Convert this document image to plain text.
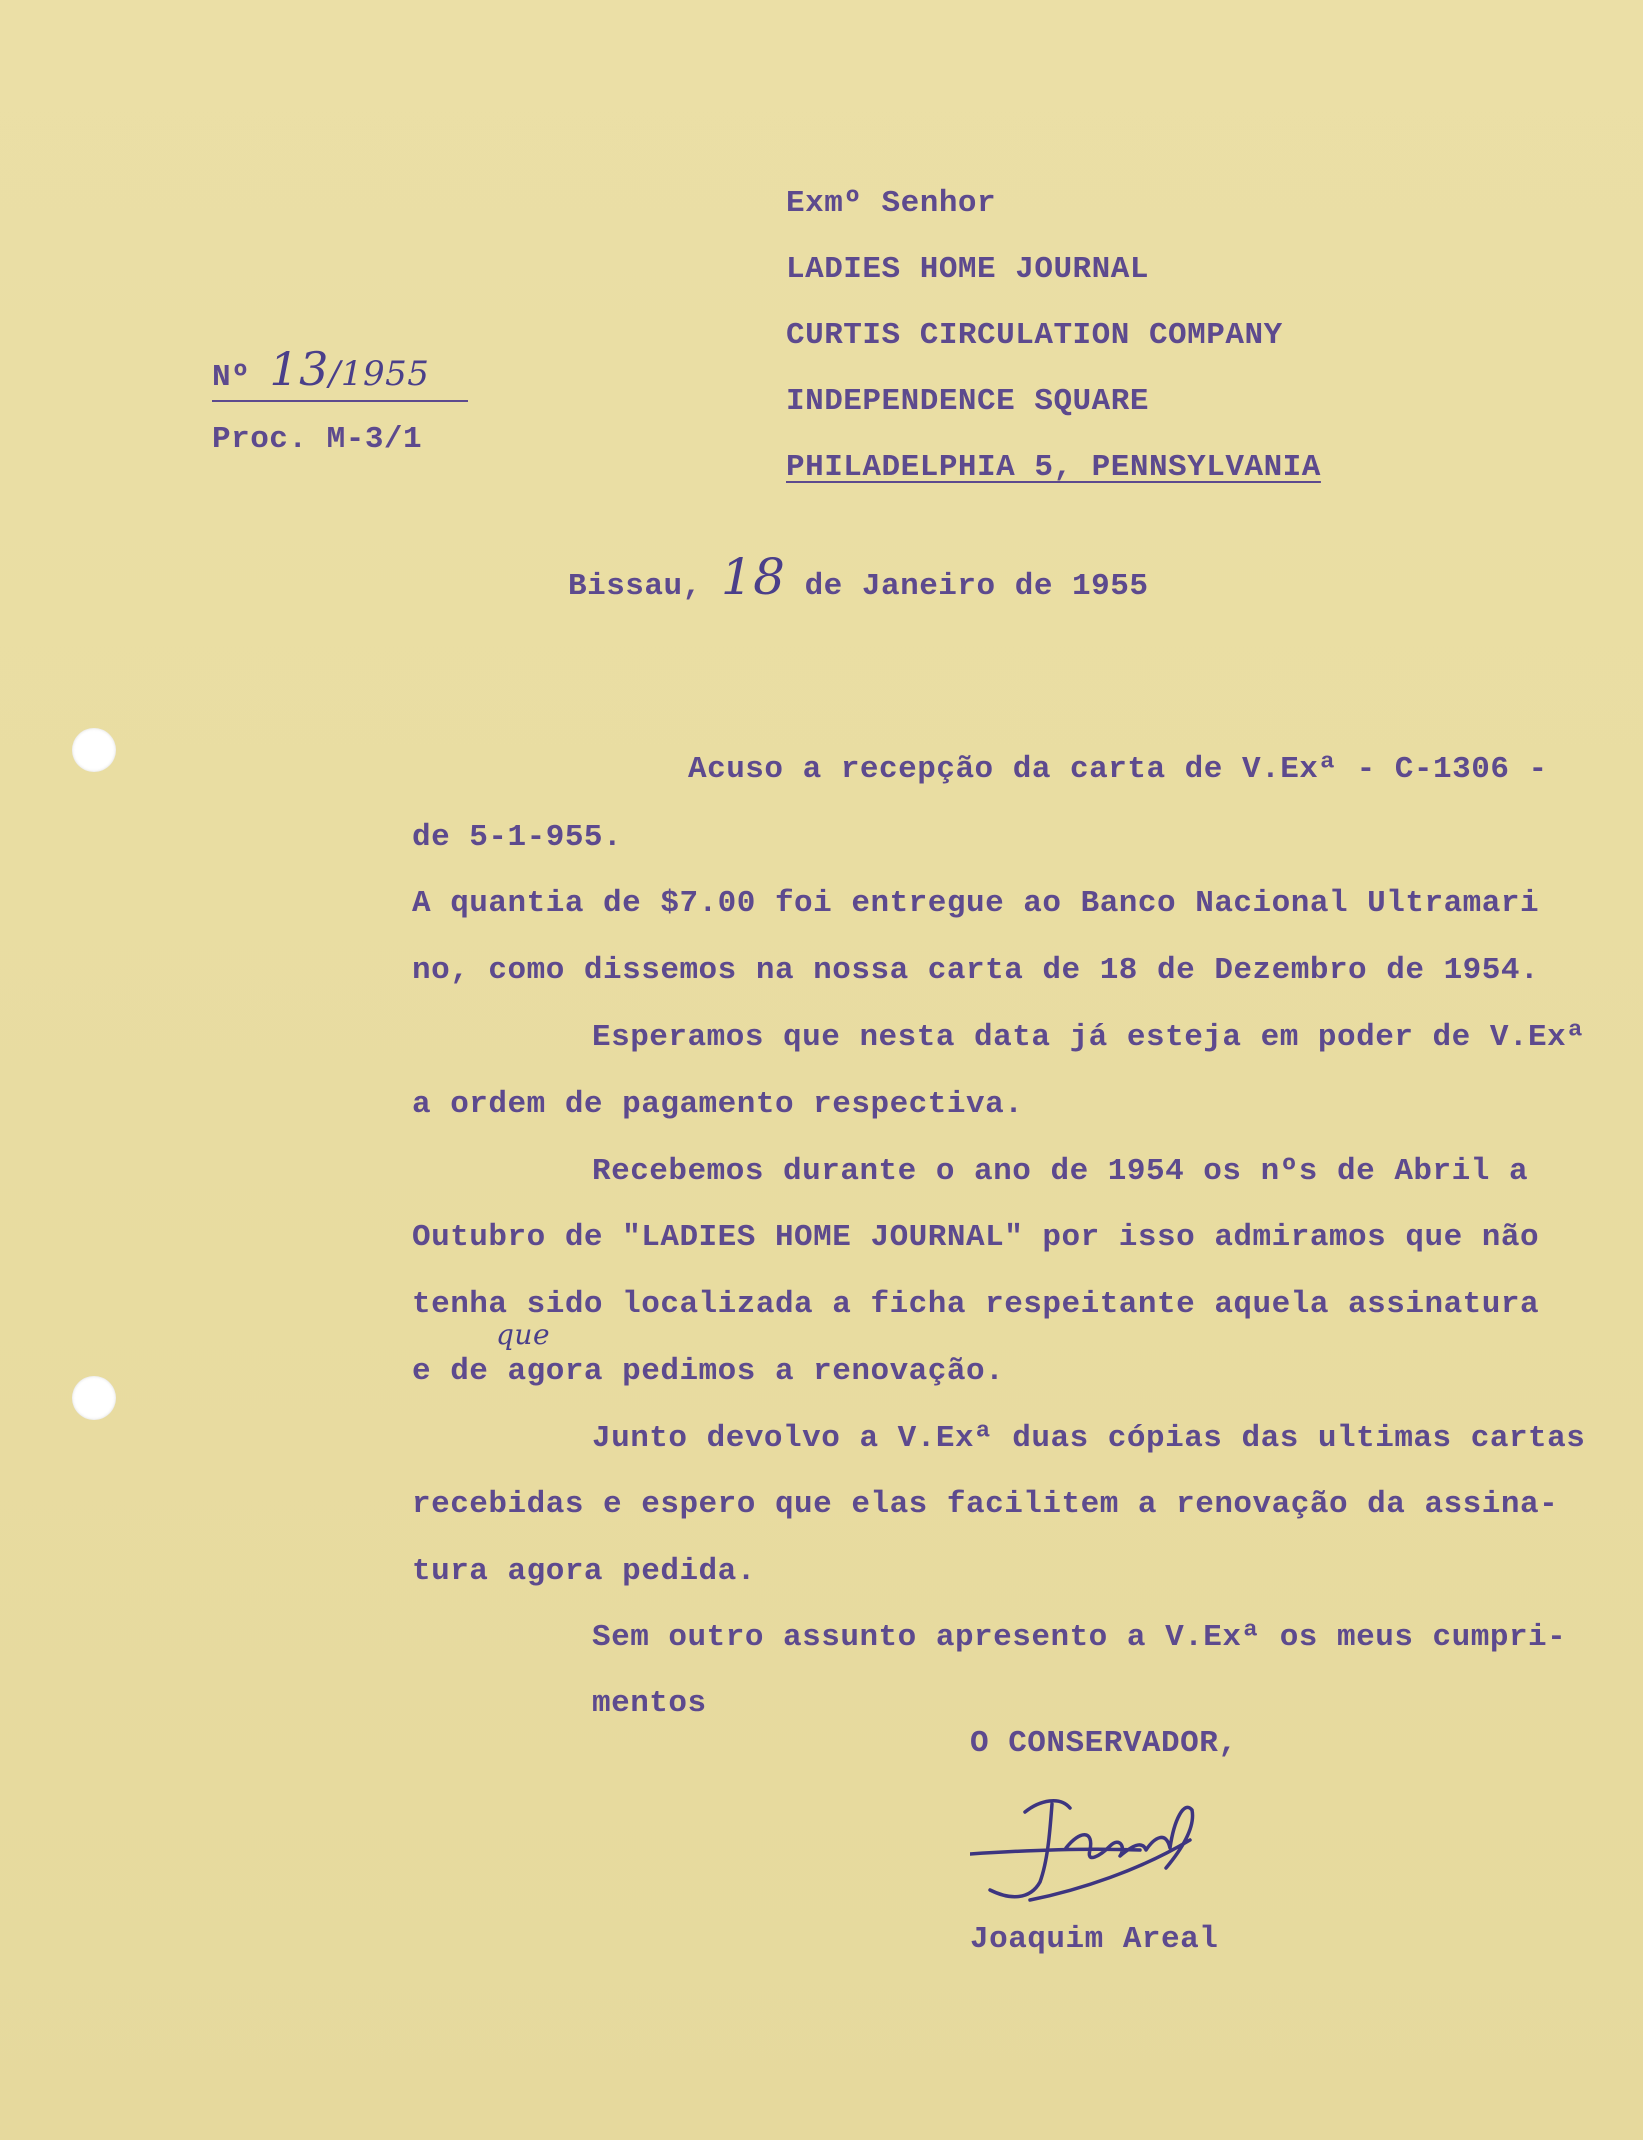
Nº 13/1955
Proc. M-3/1
Exmº Senhor
LADIES HOME JOURNAL
CURTIS CIRCULATION COMPANY
INDEPENDENCE SQUARE
PHILADELPHIA 5, PENNSYLVANIA
Bissau, 18 de Janeiro de 1955
Acuso a recepção da carta de V.Exª - C-1306 -
de 5-1-955.
A quantia de $7.00 foi entregue ao Banco Nacional Ultramari
no, como dissemos na nossa carta de 18 de Dezembro de 1954.
Esperamos que nesta data já esteja em poder de V.Exª
a ordem de pagamento respectiva.
Recebemos durante o ano de 1954 os nºs de Abril a
Outubro de "LADIES HOME JOURNAL" por isso admiramos que não
tenha sido localizada a ficha respeitante aquela assinatura
e de agora pedimos a renovação.
que
Junto devolvo a V.Exª duas cópias das ultimas cartas
recebidas e espero que elas facilitem a renovação da assina-
tura agora pedida.
Sem outro assunto apresento a V.Exª os meus cumpri-
mentos
O CONSERVADOR,
Joaquim Areal
